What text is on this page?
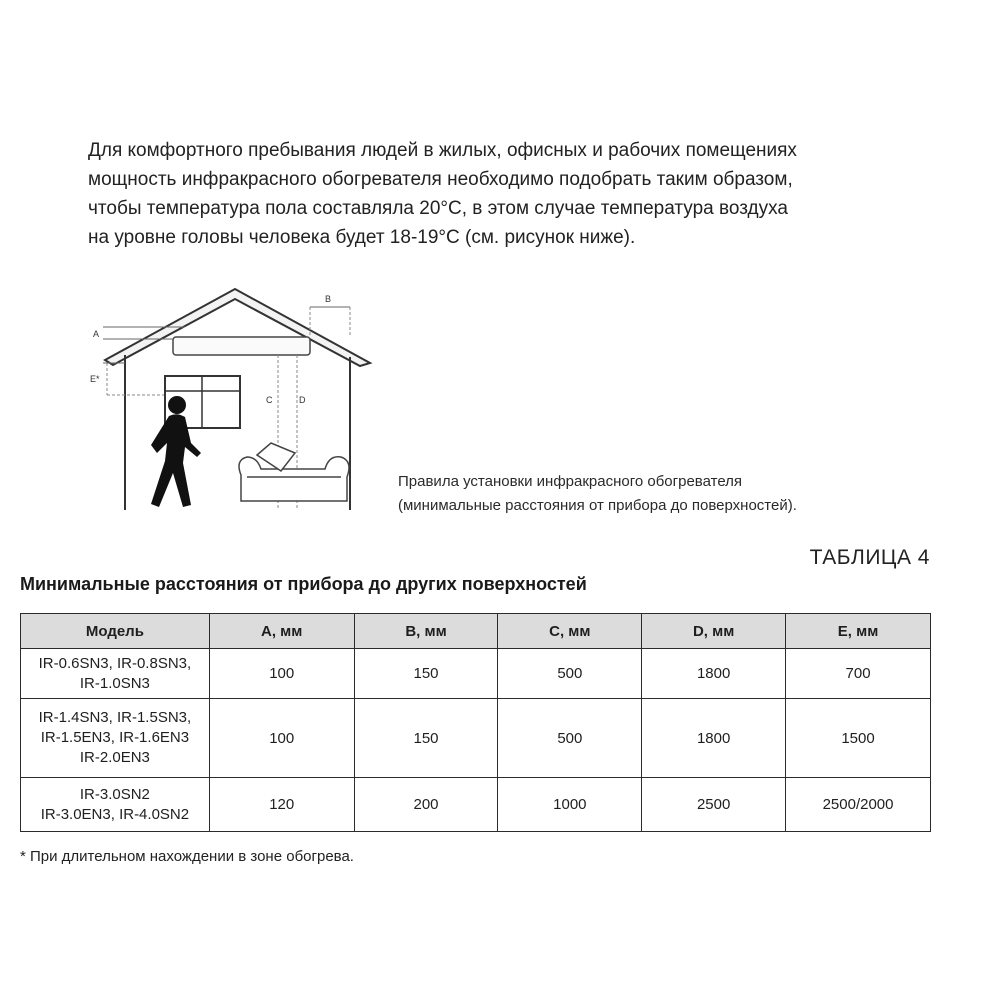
Для комфортного пребывания людей в жилых, офисных и рабочих помещениях
мощность инфракрасного обогревателя необходимо подобрать таким образом,
чтобы температура пола составляла 20°C, в этом случае температура воздуха
на уровне головы человека будет 18-19°C (см. рисунок ниже).
A
B
E*
C	D
Правила установки инфракрасного обогревателя
(минимальные расстояния от прибора до поверхностей).
ТАБЛИЦА 4
Минимальные расстояния от прибора до других поверхностей
Модель	А, мм	B, мм	С, мм	D, мм	Е, мм

IR-0.6SN3, IR-0.8SN3,
IR-1.0SN3	100	150	500	1800	700

IR-1.4SN3, IR-1.5SN3,
IR-1.5EN3, IR-1.6EN3
IR-2.0EN3	100	150	500	1800	1500

IR-3.0SN2
IR-3.0EN3, IR-4.0SN2	120	200	1000	2500	2500/2000
* При длительном нахождении в зоне обогрева.
